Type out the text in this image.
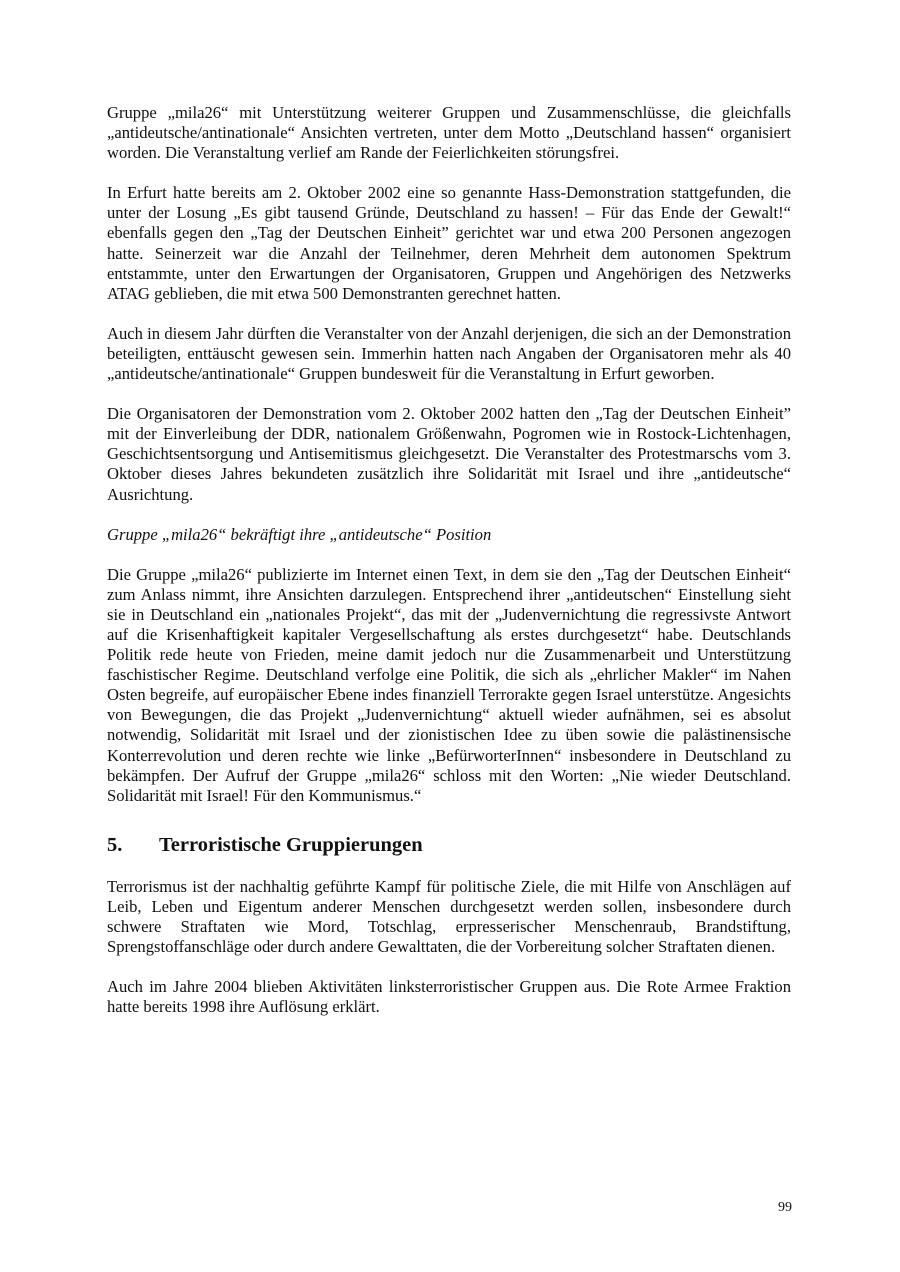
Gruppe „mila26“ mit Unterstützung weiterer Gruppen und Zusammenschlüsse, die gleichfalls „antideutsche/antinationale“ Ansichten vertreten, unter dem Motto „Deutschland hassen“ organisiert worden. Die Veranstaltung verlief am Rande der Feierlichkeiten störungsfrei.

In Erfurt hatte bereits am 2. Oktober 2002 eine so genannte Hass-Demonstration stattgefunden, die unter der Losung „Es gibt tausend Gründe, Deutschland zu hassen! – Für das Ende der Gewalt!“ ebenfalls gegen den „Tag der Deutschen Einheit” gerichtet war und etwa 200 Personen angezogen hatte. Seinerzeit war die Anzahl der Teilnehmer, deren Mehrheit dem autonomen Spektrum entstammte, unter den Erwartungen der Organisatoren, Gruppen und Angehörigen des Netzwerks ATAG geblieben, die mit etwa 500 Demonstranten gerechnet hatten.

Auch in diesem Jahr dürften die Veranstalter von der Anzahl derjenigen, die sich an der Demonstration beteiligten, enttäuscht gewesen sein. Immerhin hatten nach Angaben der Organisatoren mehr als 40 „antideutsche/antinationale“ Gruppen bundesweit für die Veranstaltung in Erfurt geworben.

Die Organisatoren der Demonstration vom 2. Oktober 2002 hatten den „Tag der Deutschen Einheit” mit der Einverleibung der DDR, nationalem Größenwahn, Pogromen wie in Rostock-Lichtenhagen, Geschichtsentsorgung und Antisemitismus gleichgesetzt. Die Veranstalter des Protestmarschs vom 3. Oktober dieses Jahres bekundeten zusätzlich ihre Solidarität mit Israel und ihre „antideutsche“ Ausrichtung.

Gruppe „mila26“ bekräftigt ihre „antideutsche“ Position

Die Gruppe „mila26“ publizierte im Internet einen Text, in dem sie den „Tag der Deutschen Einheit“ zum Anlass nimmt, ihre Ansichten darzulegen. Entsprechend ihrer „antideutschen“ Einstellung sieht sie in Deutschland ein „nationales Projekt“, das mit der „Judenvernichtung die regressivste Antwort auf die Krisenhaftigkeit kapitaler Vergesellschaftung als erstes durchgesetzt“ habe. Deutschlands Politik rede heute von Frieden, meine damit jedoch nur die Zusammenarbeit und Unterstützung faschistischer Regime. Deutschland verfolge eine Politik, die sich als „ehrlicher Makler“ im Nahen Osten begreife, auf europäischer Ebene indes finanziell Terrorakte gegen Israel unterstütze. Angesichts von Bewegungen, die das Projekt „Judenvernichtung“ aktuell wieder aufnähmen, sei es absolut notwendig, Solidarität mit Israel und der zionistischen Idee zu üben sowie die palästinensische Konterrevolution und deren rechte wie linke „BefürworterInnen“ insbesondere in Deutschland zu bekämpfen. Der Aufruf der Gruppe „mila26“ schloss mit den Worten: „Nie wieder Deutschland. Solidarität mit Israel! Für den Kommunismus.“

5.	Terroristische Gruppierungen

Terrorismus ist der nachhaltig geführte Kampf für politische Ziele, die mit Hilfe von Anschlägen auf Leib, Leben und Eigentum anderer Menschen durchgesetzt werden sollen, insbesondere durch schwere Straftaten wie Mord, Totschlag, erpresserischer Menschenraub, Brandstiftung, Sprengstoffanschläge oder durch andere Gewalttaten, die der Vorbereitung solcher Straftaten dienen.

Auch im Jahre 2004 blieben Aktivitäten linksterroristischer Gruppen aus. Die Rote Armee Fraktion hatte bereits 1998 ihre Auflösung erklärt.

99
